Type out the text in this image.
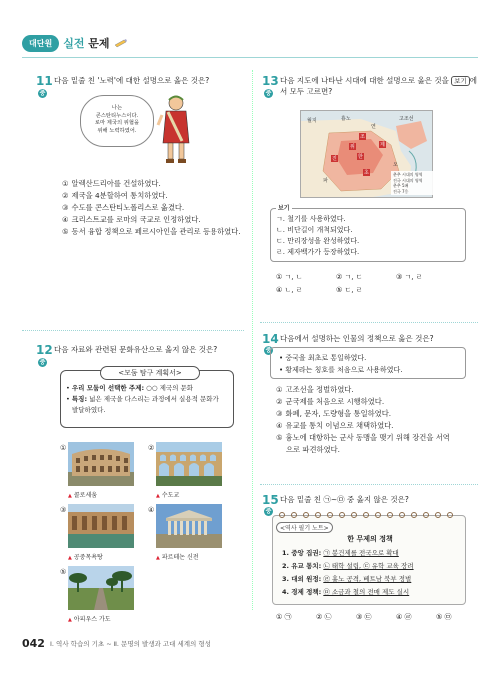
대단원	실전 문제
11 다음 밑줄 친 '노력'에 대한 설명으로 옳은 것은?
중
나는
콘스탄티누스이다.
로마 제국의 위협을
위해 노력하였어.
① 알렉산드리아를 건설하였다.
② 제국을 4분할하여 통치하였다.
③ 수도를 콘스탄티노폴리스로 옮겼다.
④ 크리스트교를 로마의 국교로 인정하였다.
⑤ 동서 융합 정책으로 페르시아인을 관리로 등용하였다.
13 다음 지도에 나타난 시대에 대한 설명으로 옳은 것을 보기 에
서 모두 고르면?
중
월지	흉노
연
고조선
조
위	제
한
진
초
오
파
춘추 시대의 영역
전국 시대의 영역
춘추 5패
전국 7웅
보기
ㄱ. 철기를 사용하였다.
ㄴ. 비단길이 개척되었다.
ㄷ. 만리장성을 완성하였다.
ㄹ. 제자백가가 등장하였다.
① ㄱ, ㄴ	② ㄱ, ㄷ	③ ㄱ, ㄹ
④ ㄴ, ㄹ	⑤ ㄷ, ㄹ
12 다음 자료와 관련된 문화유산으로 옳지 않은 것은?
중
<모둠 탐구 계획서>
• 우리 모둠이 선택한 주제: ○○ 제국의 문화
• 특징: 넓은 제국을 다스리는 과정에서 실용적 문화가
발달하였다.
①
▲ 콜로세움
②
▲ 수도교
③
▲ 공중목욕탕
④
▲ 파르테논 신전
⑤
▲ 아피우스 가도
14 다음에서 설명하는 인물의 정책으로 옳은 것은?
중
• 중국을 최초로 통일하였다.
• 황제라는 칭호를 처음으로 사용하였다.
① 고조선을 정벌하였다.
② 군국제를 처음으로 시행하였다.
③ 화폐, 문자, 도량형을 통일하였다.
④ 유교를 통치 이념으로 채택하였다.
⑤ 흉노에 대항하는 군사 동맹을 맺기 위해 장건을 서역
으로 파견하였다.
15 다음 밑줄 친 ㉠~㉤ 중 옳지 않은 것은?
중
<역사 필기 노트>
한 무제의 정책
1. 중앙 집권: ㉠ 봉건제를 전국으로 확대
2. 유교 통치: ㉡ 태학 설립, ㉢ 유학 교육 장려
3. 대외 원정: ㉣ 흉노 공격, 베트남 북부 정벌
4. 경제 정책: ㉤ 소금과 철의 전매 제도 실시
① ㉠	② ㉡	③ ㉢	④ ㉣	⑤ ㉤
042 Ⅰ. 역사 학습의 기초 ~ Ⅱ. 문명의 발생과 고대 세계의 형성
